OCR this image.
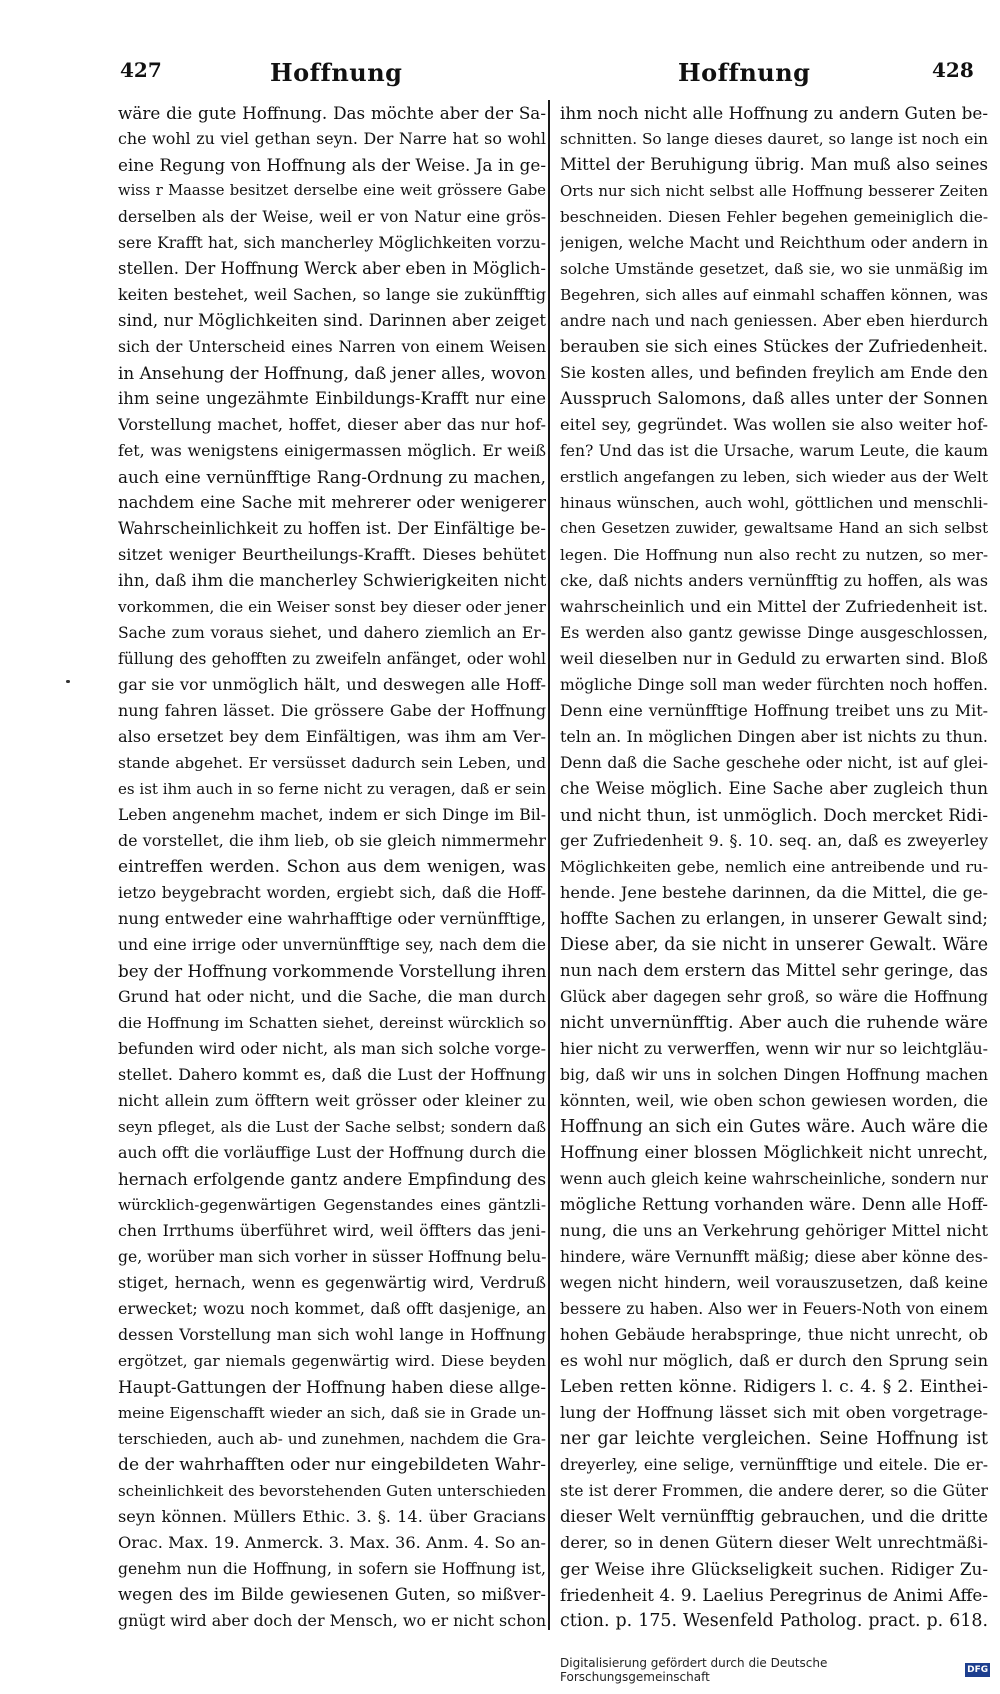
427	Hoffnung	Hoffnung	428
wäre die gute Hoffnung. Das möchte aber der Sa-
che wohl zu viel gethan seyn. Der Narre hat so wohl
eine Regung von Hoffnung als der Weise. Ja in ge-
wiss r Maasse besitzet derselbe eine weit grössere Gabe
derselben als der Weise, weil er von Natur eine grös-
sere Krafft hat, sich mancherley Möglichkeiten vorzu-
stellen. Der Hoffnung Werck aber eben in Möglich-
keiten bestehet, weil Sachen, so lange sie zukünfftig
sind, nur Möglichkeiten sind. Darinnen aber zeiget
sich der Unterscheid eines Narren von einem Weisen
in Ansehung der Hoffnung, daß jener alles, wovon
ihm seine ungezähmte Einbildungs-Krafft nur eine
Vorstellung machet, hoffet, dieser aber das nur hof-
fet, was wenigstens einigermassen möglich. Er weiß
auch eine vernünfftige Rang-Ordnung zu machen,
nachdem eine Sache mit mehrerer oder wenigerer
Wahrscheinlichkeit zu hoffen ist. Der Einfältige be-
sitzet weniger Beurtheilungs-Krafft. Dieses behütet
ihn, daß ihm die mancherley Schwierigkeiten nicht
vorkommen, die ein Weiser sonst bey dieser oder jener
Sache zum voraus siehet, und dahero ziemlich an Er-
füllung des gehofften zu zweifeln anfänget, oder wohl
gar sie vor unmöglich hält, und deswegen alle Hoff-
nung fahren lässet. Die grössere Gabe der Hoffnung
also ersetzet bey dem Einfältigen, was ihm am Ver-
stande abgehet. Er versüsset dadurch sein Leben, und
es ist ihm auch in so ferne nicht zu veragen, daß er sein
Leben angenehm machet, indem er sich Dinge im Bil-
de vorstellet, die ihm lieb, ob sie gleich nimmermehr
eintreffen werden. Schon aus dem wenigen, was
ietzo beygebracht worden, ergiebt sich, daß die Hoff-
nung entweder eine wahrhafftige oder vernünfftige,
und eine irrige oder unvernünfftige sey, nach dem die
bey der Hoffnung vorkommende Vorstellung ihren
Grund hat oder nicht, und die Sache, die man durch
die Hoffnung im Schatten siehet, dereinst würcklich so
befunden wird oder nicht, als man sich solche vorge-
stellet. Dahero kommt es, daß die Lust der Hoffnung
nicht allein zum öfftern weit grösser oder kleiner zu
seyn pfleget, als die Lust der Sache selbst; sondern daß
auch offt die vorläuffige Lust der Hoffnung durch die
hernach erfolgende gantz andere Empfindung des
würcklich-gegenwärtigen Gegenstandes eines gäntzli-
chen Irrthums überführet wird, weil öffters das jeni-
ge, worüber man sich vorher in süsser Hoffnung belu-
stiget, hernach, wenn es gegenwärtig wird, Verdruß
erwecket; wozu noch kommet, daß offt dasjenige, an
dessen Vorstellung man sich wohl lange in Hoffnung
ergötzet, gar niemals gegenwärtig wird. Diese beyden
Haupt-Gattungen der Hoffnung haben diese allge-
meine Eigenschafft wieder an sich, daß sie in Grade un-
terschieden, auch ab- und zunehmen, nachdem die Gra-
de der wahrhafften oder nur eingebildeten Wahr-
scheinlichkeit des bevorstehenden Guten unterschieden
seyn können. Müllers Ethic. 3. §. 14. über Gracians
Orac. Max. 19. Anmerck. 3. Max. 36. Anm. 4. So an-
genehm nun die Hoffnung, in sofern sie Hoffnung ist,
wegen des im Bilde gewiesenen Guten, so mißver-
gnügt wird aber doch der Mensch, wo er nicht schon
ihm noch nicht alle Hoffnung zu andern Guten be-
schnitten. So lange dieses dauret, so lange ist noch ein
Mittel der Beruhigung übrig. Man muß also seines
Orts nur sich nicht selbst alle Hoffnung besserer Zeiten
beschneiden. Diesen Fehler begehen gemeiniglich die-
jenigen, welche Macht und Reichthum oder andern in
solche Umstände gesetzet, daß sie, wo sie unmäßig im
Begehren, sich alles auf einmahl schaffen können, was
andre nach und nach geniessen. Aber eben hierdurch
berauben sie sich eines Stückes der Zufriedenheit.
Sie kosten alles, und befinden freylich am Ende den
Ausspruch Salomons, daß alles unter der Sonnen
eitel sey, gegründet. Was wollen sie also weiter hof-
fen? Und das ist die Ursache, warum Leute, die kaum
erstlich angefangen zu leben, sich wieder aus der Welt
hinaus wünschen, auch wohl, göttlichen und menschli-
chen Gesetzen zuwider, gewaltsame Hand an sich selbst
legen. Die Hoffnung nun also recht zu nutzen, so mer-
cke, daß nichts anders vernünfftig zu hoffen, als was
wahrscheinlich und ein Mittel der Zufriedenheit ist.
Es werden also gantz gewisse Dinge ausgeschlossen,
weil dieselben nur in Geduld zu erwarten sind. Bloß
mögliche Dinge soll man weder fürchten noch hoffen.
Denn eine vernünfftige Hoffnung treibet uns zu Mit-
teln an. In möglichen Dingen aber ist nichts zu thun.
Denn daß die Sache geschehe oder nicht, ist auf glei-
che Weise möglich. Eine Sache aber zugleich thun
und nicht thun, ist unmöglich. Doch mercket Ridi-
ger Zufriedenheit 9. §. 10. seq. an, daß es zweyerley
Möglichkeiten gebe, nemlich eine antreibende und ru-
hende. Jene bestehe darinnen, da die Mittel, die ge-
hoffte Sachen zu erlangen, in unserer Gewalt sind;
Diese aber, da sie nicht in unserer Gewalt. Wäre
nun nach dem erstern das Mittel sehr geringe, das
Glück aber dagegen sehr groß, so wäre die Hoffnung
nicht unvernünfftig. Aber auch die ruhende wäre
hier nicht zu verwerffen, wenn wir nur so leichtgläu-
big, daß wir uns in solchen Dingen Hoffnung machen
könnten, weil, wie oben schon gewiesen worden, die
Hoffnung an sich ein Gutes wäre. Auch wäre die
Hoffnung einer blossen Möglichkeit nicht unrecht,
wenn auch gleich keine wahrscheinliche, sondern nur
mögliche Rettung vorhanden wäre. Denn alle Hoff-
nung, die uns an Verkehrung gehöriger Mittel nicht
hindere, wäre Vernunfft mäßig; diese aber könne des-
wegen nicht hindern, weil vorauszusetzen, daß keine
bessere zu haben. Also wer in Feuers-Noth von einem
hohen Gebäude herabspringe, thue nicht unrecht, ob
es wohl nur möglich, daß er durch den Sprung sein
Leben retten könne. Ridigers l. c. 4. § 2. Einthei-
lung der Hoffnung lässet sich mit oben vorgetrage-
ner gar leichte vergleichen. Seine Hoffnung ist
dreyerley, eine selige, vernünfftige und eitele. Die er-
ste ist derer Frommen, die andere derer, so die Güter
dieser Welt vernünfftig gebrauchen, und die dritte
derer, so in denen Gütern dieser Welt unrechtmäßi-
ger Weise ihre Glückseligkeit suchen. Ridiger Zu-
friedenheit 4. 9. Laelius Peregrinus de Animi Affe-
ction. p. 175. Wesenfeld Patholog. pract. p. 618.
Digitalisierung gefördert durch die Deutsche Forschungsgemeinschaft	DFG
